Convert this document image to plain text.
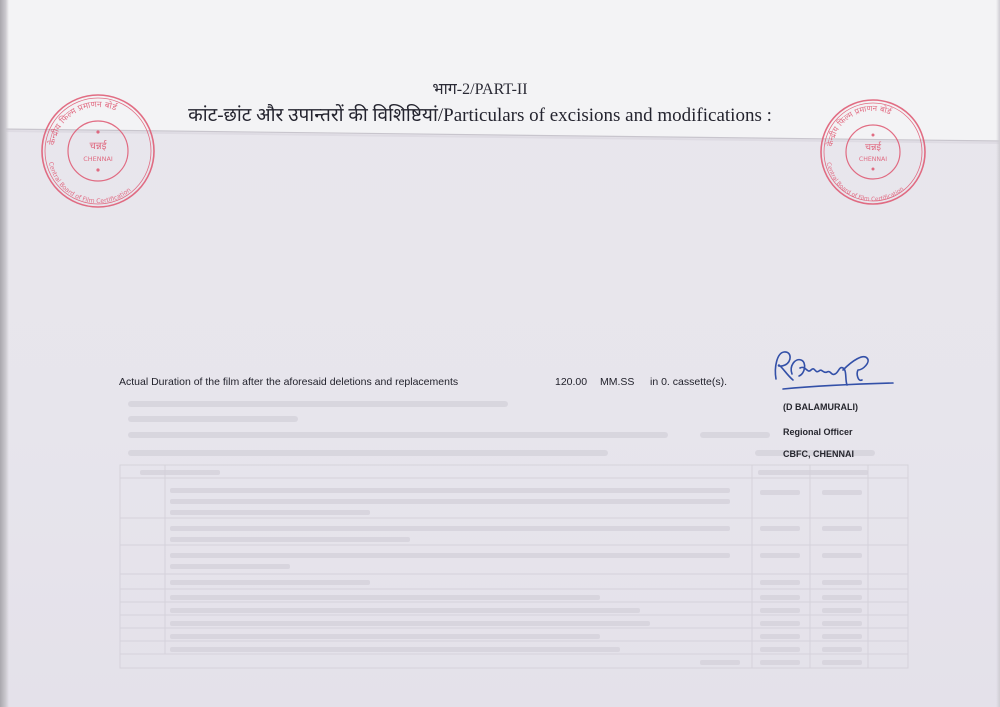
भाग-2/PART-II
कांट-छांट और उपान्तरों की विशिष्टियां/Particulars of excisions and modifications :
केन्द्रीय फिल्म प्रमाणन बोर्ड
Central Board of Film Certification
चन्नई
CHENNAI
केन्द्रीय फिल्म प्रमाणन बोर्ड
Central Board of Film Certification
चन्नई
CHENNAI
Actual Duration of the film after the aforesaid deletions and replacements	120.00 MM.SS in 0. cassette(s).
(D BALAMURALI)
Regional Officer
CBFC, CHENNAI
